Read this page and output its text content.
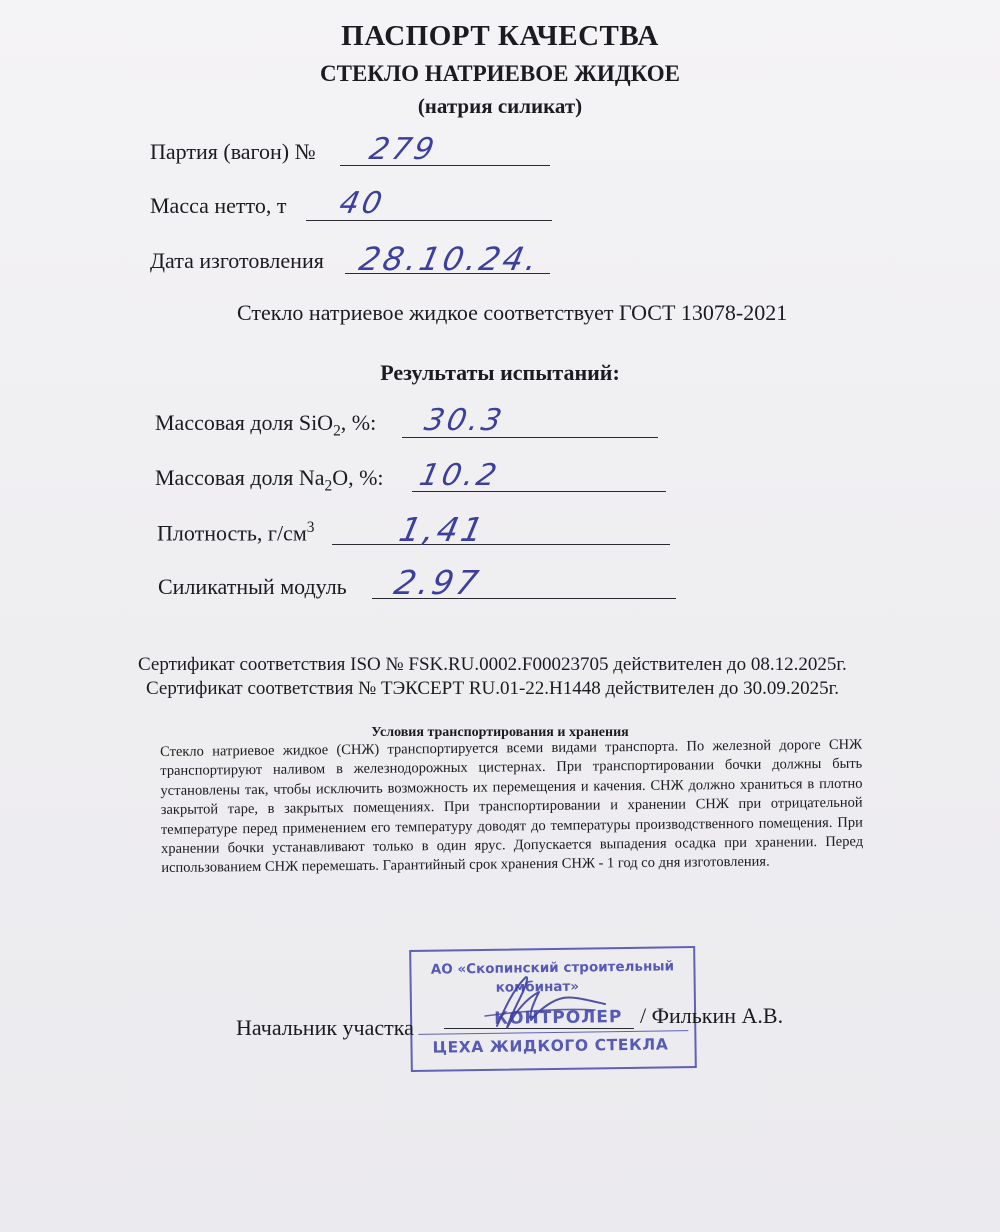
ПАСПОРТ КАЧЕСТВА
СТЕКЛО НАТРИЕВОЕ ЖИДКОЕ
(натрия силикат)
Партия (вагон) № 279
Масса нетто, т 40
Дата изготовления 28.10.24.
Стекло натриевое жидкое соответствует ГОСТ 13078-2021
Результаты испытаний:
Массовая доля SiO$_2$, %: 30.3
Массовая доля $Na_2O$, %: 10.2
Плотность, $г/см^3$ 1,41
Силикатный модуль 2.97
Сертификат соответствия ISO № FSK.RU.0002.F00023705 действителен до 08.12.2025г.
Сертификат соответствия № ТЭКСЕРТ RU.01-22.H1448 действителен до 30.09.2025г.
Условия транспортирования и хранения
Стекло натриевое жидкое (СНЖ) транспортируется всеми видами транспорта. По железной дороге СНЖ транспортируют наливом в железнодорожных цистернах. При транспортировании бочки должны быть установлены так, чтобы исключить возможность их перемещения и качения. СНЖ должно храниться в плотно закрытой таре, в закрытых помещениях. При транспортировании и хранении СНЖ при отрицательной температуре перед применением его температуру доводят до температуры производственного помещения. При хранении бочки устанавливают только в один ярус. Допускается выпадения осадка при хранении. Перед использованием СНЖ перемешать. Гарантийный срок хранения СНЖ - 1 год со дня изготовления.
АО «Скопинский строительный
комбинат»
КОНТРОЛЕР
ЦЕХА ЖИДКОГО СТЕКЛА
Начальник участка	/ Филькин А.В.
